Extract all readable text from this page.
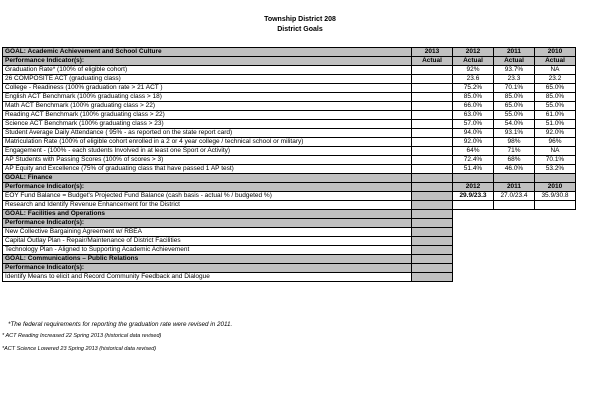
Township District 208
District Goals
GOAL: Academic Achievement and School Culture	2013	2012	2011	2010
Performance Indicator(s):	Actual	Actual	Actual	Actual
Graduation Rate* (100% of eligible cohort)		92%	93.7%	NA
26 COMPOSITE ACT (graduating class)		23.6	23.3	23.2
College - Readiness (100% graduation rate > 21 ACT )		75.2%	70.1%	65.0%
English ACT Benchmark (100% graduating class > 18)		85.0%	85.0%	85.0%
Math ACT Benchmark (100% graduating class > 22)		66.0%	65.0%	55.0%
Reading ACT Benchmark (100% graduating class > 22)		63.0%	55.0%	61.0%
Science ACT Benchmark (100% graduating class > 23)		57.0%	54.0%	51.0%
Student Average Daily Attendance ( 95% - as reported on the state report card)		94.0%	93.1%	92.0%
Matriculation Rate (100% of eligible cohort enrolled in a 2 or 4 year college / technical school or military)		92.0%	98%	96%
Engagement - (100% - each students Involved in at least one Sport or Activity)		64%	71%	NA
AP Students with Passing Scores (100% of scores > 3)		72.4%	68%	70.1%
AP Equity and Excellence (75% of graduating class that have passed 1 AP test)		51.4%	46.0%	53.2%
GOAL: Finance				
Performance Indicator(s):		2012	2011	2010
EOY Fund Balance = Budget's Projected Fund Balance (cash basis - actual % / budgeted %)		29.9/23.3	27.0/23.4	35.9/30.8
Research and Identify Revenue Enhancement for the District				
GOAL: Facilities and Operations				
Performance Indicator(s):				
New Collective Bargaining Agreement w/ RBEA				
Capital Outlay Plan - Repair/Maintenance of District Facilities				
Technology Plan - Aligned to Supporting Academic Achievement				
GOAL: Communications – Public Relations				
Performance Indicator(s):				
Identify Means to elicit and Record Community Feedback and Dialogue				
*The federal requirements for reporting the graduation rate were revised in 2011.
* ACT Reading Increased 22 Spring 2013 (historical data revised)
*ACT Science Lowered 23 Spring 2013 (historical data revised)
